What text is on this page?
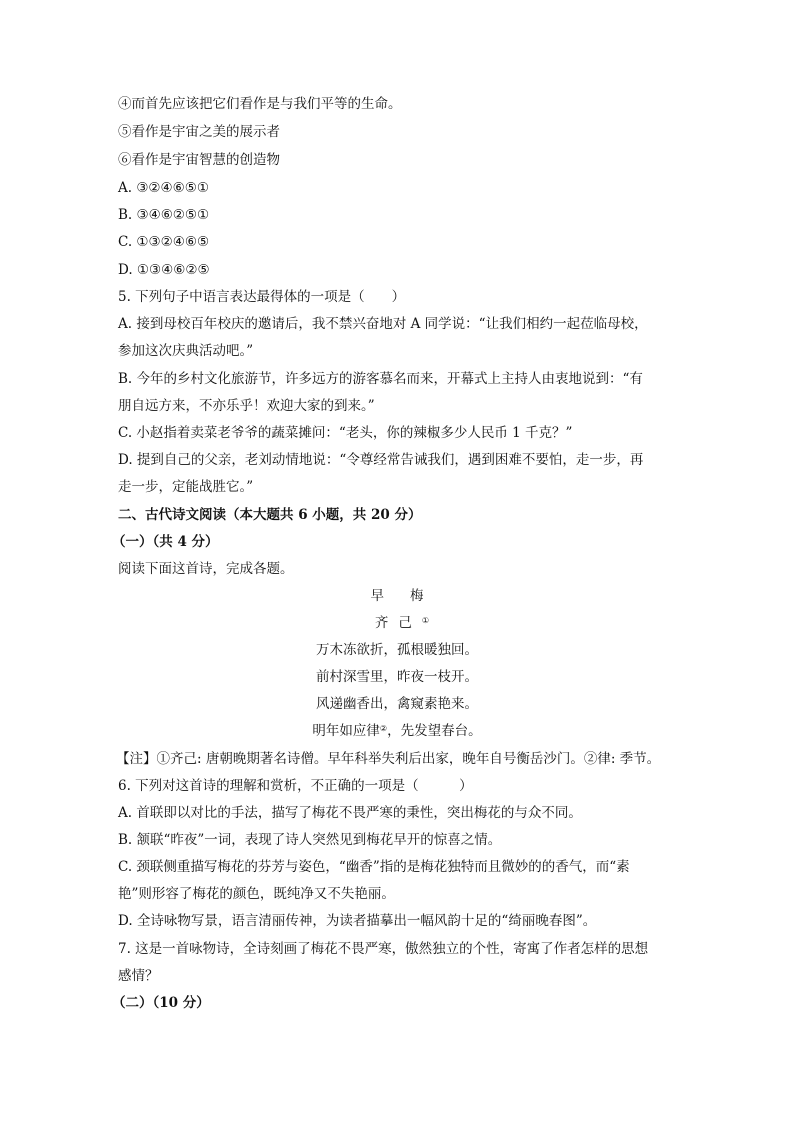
④而首先应该把它们看作是与我们平等的生命。
⑤看作是宇宙之美的展示者
⑥看作是宇宙智慧的创造物
A. ③②④⑥⑤①
B. ③④⑥②⑤①
C. ①③②④⑥⑤
D. ①③④⑥②⑤
5. 下列句子中语言表达最得体的一项是（　　）
A. 接到母校百年校庆的邀请后，我不禁兴奋地对 A 同学说：“让我们相约一起莅临母校，
参加这次庆典活动吧。”
B. 今年的乡村文化旅游节，许多远方的游客慕名而来，开幕式上主持人由衷地说到：“有
朋自远方来，不亦乐乎！欢迎大家的到来。”
C. 小赵指着卖菜老爷爷的蔬菜摊问：“老头，你的辣椒多少人民币 1 千克？”
D. 提到自己的父亲，老刘动情地说：“令尊经常告诫我们，遇到困难不要怕，走一步，再
走一步，定能战胜它。”
二、古代诗文阅读（本大题共 6 小题，共 20 分）
（一）（共 4 分）
阅读下面这首诗，完成各题。
早梅
齐己①
万木冻欲折，孤根暖独回。
前村深雪里，昨夜一枝开。
风递幽香出，禽窥素艳来。
明年如应律②，先发望春台。
【注】①齐己: 唐朝晚期著名诗僧。早年科举失利后出家，晚年自号衡岳沙门。②律: 季节。
6. 下列对这首诗的理解和赏析，不正确的一项是（　　　）
A. 首联即以对比的手法，描写了梅花不畏严寒的秉性，突出梅花的与众不同。
B. 颔联“昨夜”一词，表现了诗人突然见到梅花早开的惊喜之情。
C. 颈联侧重描写梅花的芬芳与姿色，“幽香”指的是梅花独特而且微妙的的香气，而“素
艳”则形容了梅花的颜色，既纯净又不失艳丽。
D. 全诗咏物写景，语言清丽传神，为读者描摹出一幅风韵十足的“绮丽晚春图”。
7. 这是一首咏物诗，全诗刻画了梅花不畏严寒，傲然独立的个性，寄寓了作者怎样的思想
感情？
（二）（10 分）
